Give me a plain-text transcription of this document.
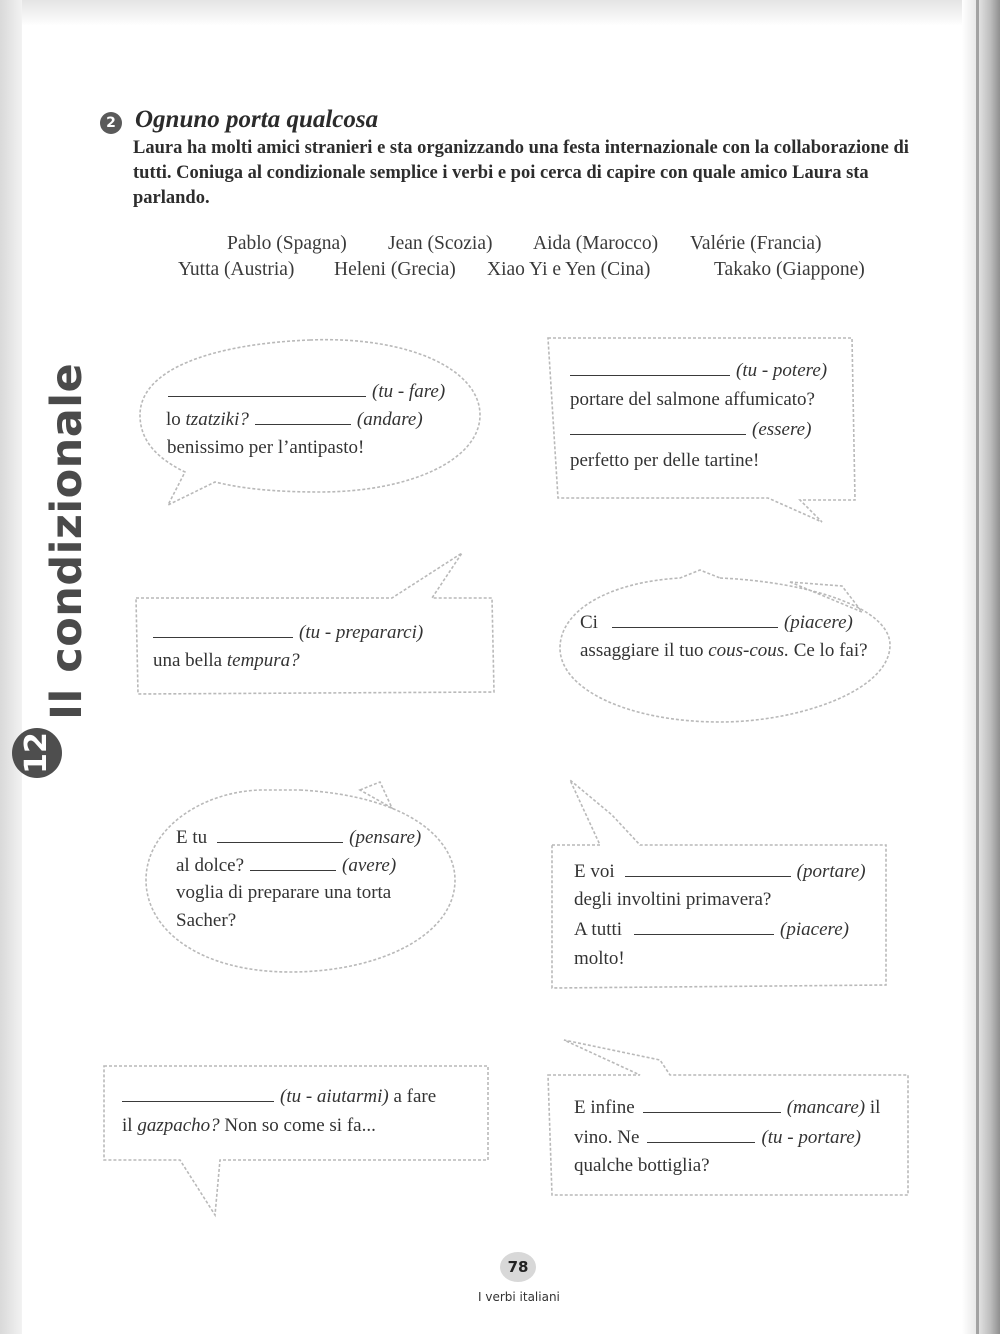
Il condizionale
12
2 Ognuno porta qualcosa
Laura ha molti amici stranieri e sta organizzando una festa internazionale con la collaborazione di tutti. Coniuga al condizionale semplice i verbi e poi cerca di capire con quale amico Laura sta parlando.
Pablo (Spagna) Jean (Scozia) Aida (Marocco) Valérie (Francia)
Yutta (Austria) Heleni (Grecia) Xiao Yi e Yen (Cina)	Takako (Giappone)
(tu - fare)
lo tzatziki?	(andare)
benissimo per l’antipasto!
(tu - potere)
portare del salmone affumicato?
(essere)
perfetto per delle tartine!
(tu - prepararci)
una bella tempura?
Ci	(piacere)
assaggiare il tuo cous-cous. Ce lo fai?
E tu	(pensare)
al dolce?	(avere)
voglia di preparare una torta
Sacher?
E voi	(portare)
degli involtini primavera?
A tutti	(piacere)
molto!
(tu - aiutarmi) a fare
il gazpacho? Non so come si fa...
E infine	(mancare) il
vino. Ne	(tu - portare)
qualche bottiglia?
78
I verbi italiani
